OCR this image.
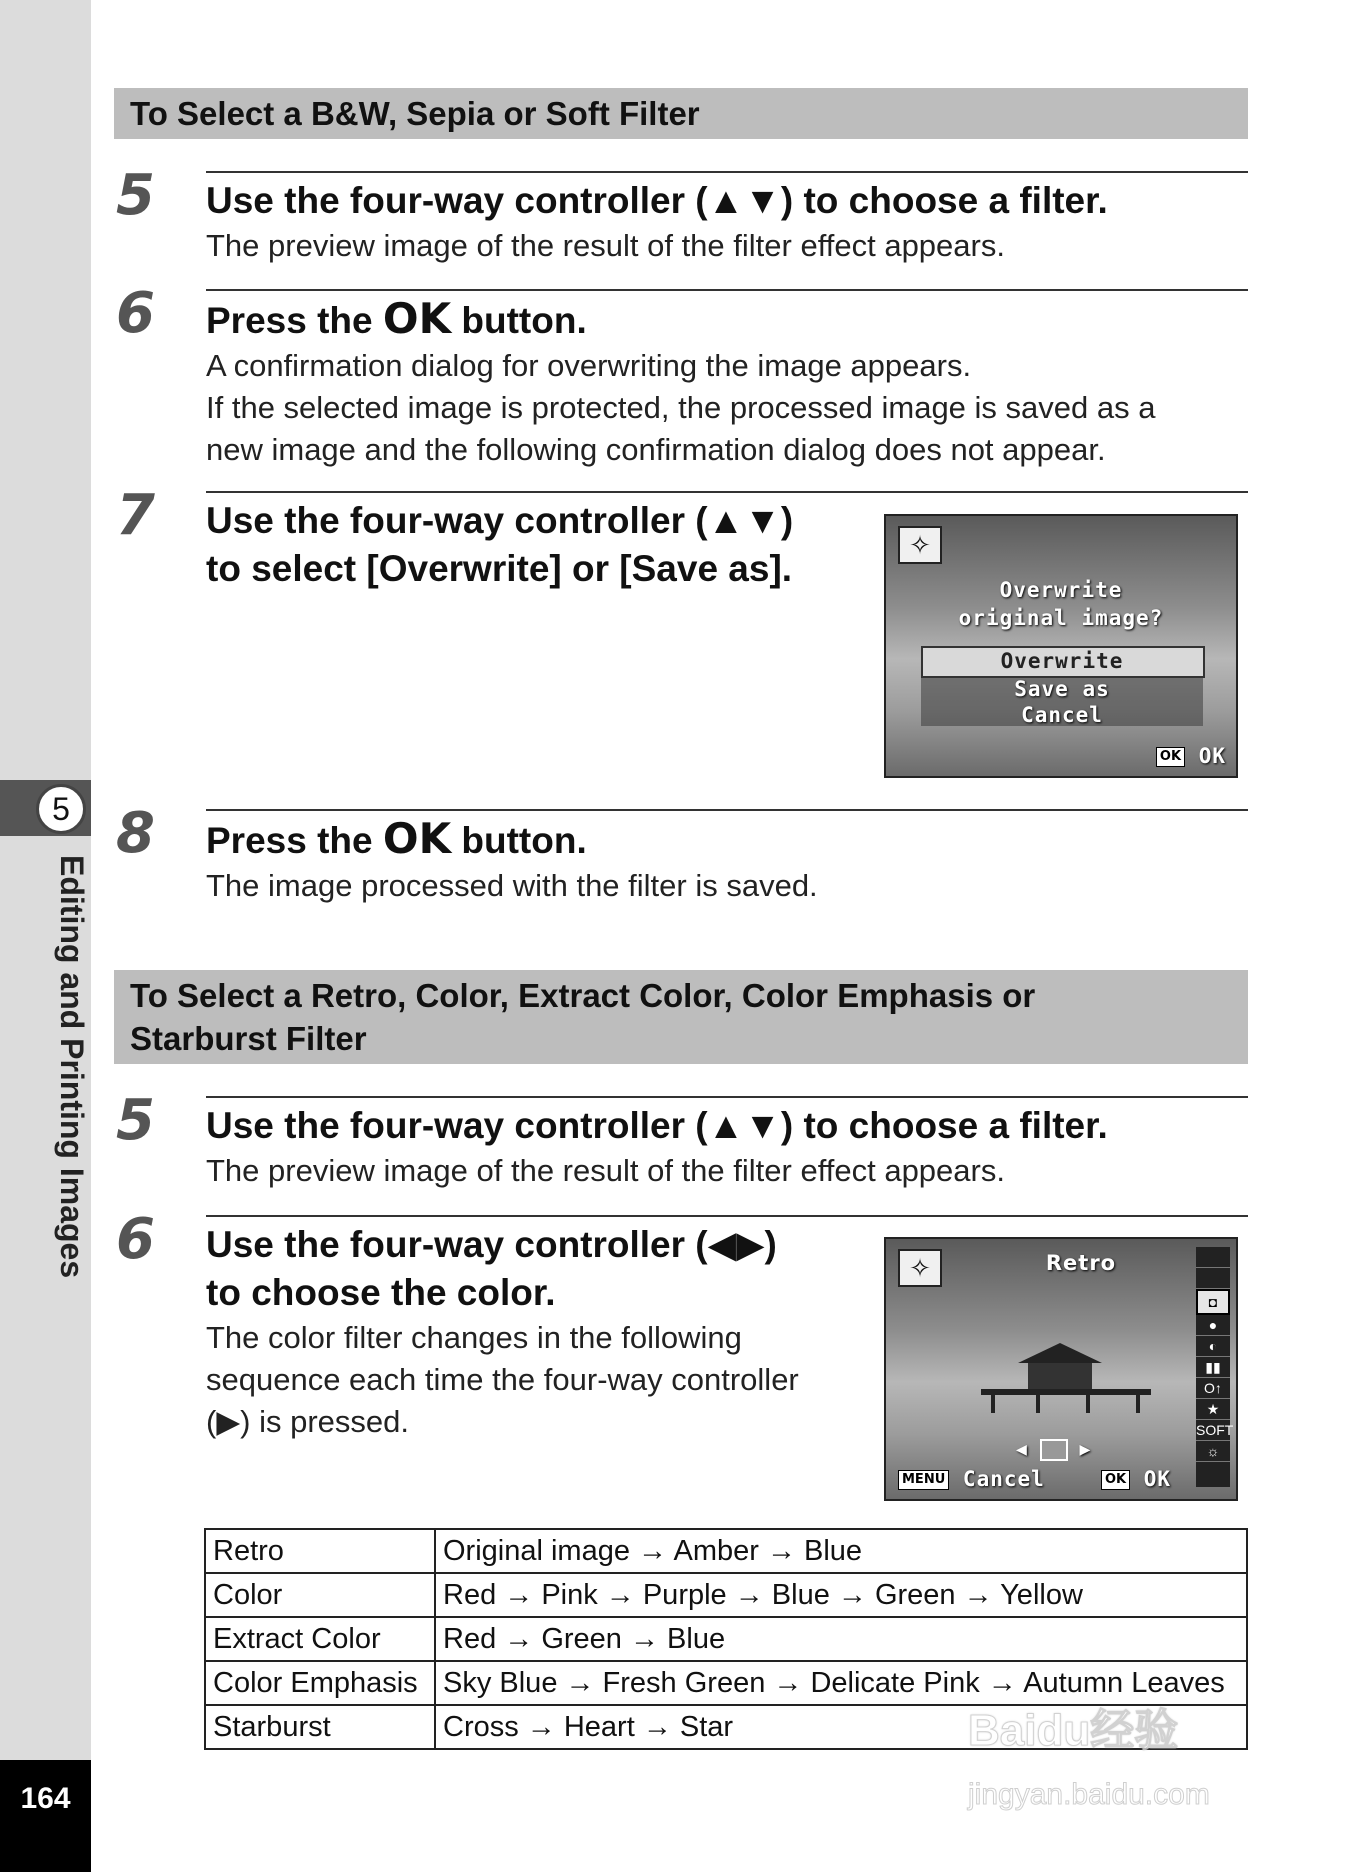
5
Editing and Printing Images
164
To Select a B&W, Sepia or Soft Filter
5 Use the four-way controller (▲▼) to choose a filter.
The preview image of the result of the filter effect appears.
6 Press the OK button.
A confirmation dialog for overwriting the image appears.
If the selected image is protected, the processed image is saved as a
new image and the following confirmation dialog does not appear.
7 Use the four-way controller (▲▼)
to select [Overwrite] or [Save as].
✧
Overwrite
original image?
Overwrite
Save as
Cancel
OK OK
8 Press the OK button.
The image processed with the filter is saved.
To Select a Retro, Color, Extract Color, Color Emphasis or
Starburst Filter
5 Use the four-way controller (▲▼) to choose a filter.
The preview image of the result of the filter effect appears.
6 Use the four-way controller (◀▶)
to choose the color.
The color filter changes in the following
sequence each time the four-way controller
(▶) is pressed.
✧	Retro
◘
●
◐
▮▮
O↑
★
SOFT
☼
◀	▶
MENU Cancel	OK OK
Retro	Original image → Amber → Blue
Color	Red → Pink → Purple → Blue → Green → Yellow
Extract Color	Red → Green → Blue
Color Emphasis	Sky Blue → Fresh Green → Delicate Pink → Autumn Leaves
Starburst	Cross → Heart → Star	Baidu经验
jingyan.baidu.com
